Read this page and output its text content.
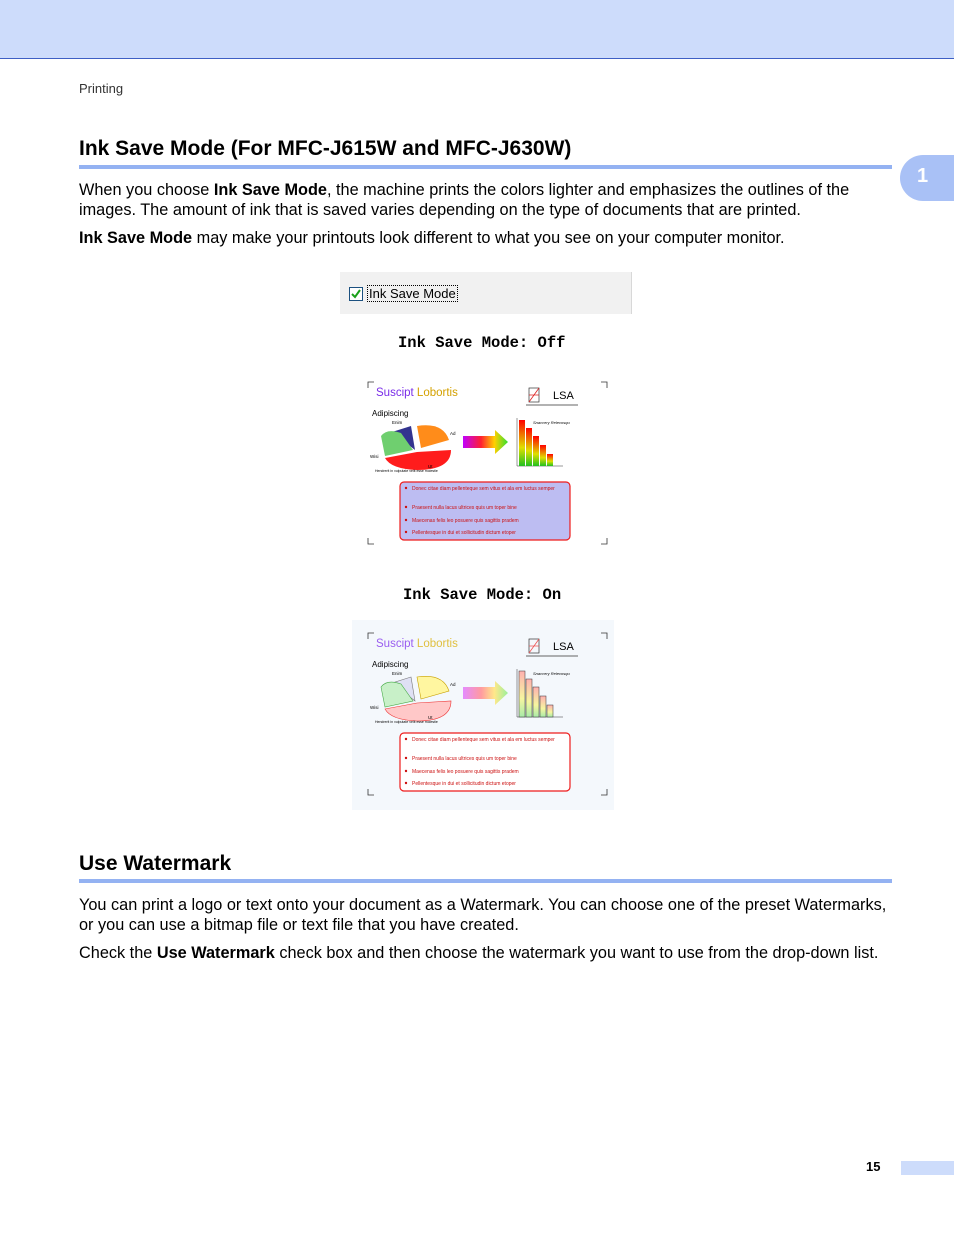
Printing
1
Ink Save Mode (For MFC-J615W and MFC-J630W)

When you choose Ink Save Mode, the machine prints the colors lighter and emphasizes the outlines of the images. The amount of ink that is saved varies depending on the type of documents that are printed.

Ink Save Mode may make your printouts look different to what you see on your computer monitor.

Ink Save Mode
Ink Save Mode: Off
Suscipt Lobortis	LSA
Adipiscing
Enim
Ad
Wisi
Ut
Hendrerit in vulputate velit esse molestie
Snaccery Relevosqu
Donec citae diam pellenteque sem vitus et ala em luctus semper
Praesent nulla lacus ultrices quis um toper bine
Maecenas felis leo posuere quis sagittis pradem
Pellentesque in dui et sollicitudin dictum etoper
Ink Save Mode: On
Suscipt Lobortis	LSA
Adipiscing
Enim
Ad
Wisi
Ut
Hendrerit in vulputate velit esse molestie
Snaccery Relevosqu
Donec citae diam pellenteque sem vitus et ala em luctus semper
Praesent nulla lacus ultrices quis um toper bine
Maecenas felis leo posuere quis sagittis pradem
Pellentesque in dui et sollicitudin dictum etoper
Use Watermark

You can print a logo or text onto your document as a Watermark. You can choose one of the preset Watermarks, or you can use a bitmap file or text file that you have created.

Check the Use Watermark check box and then choose the watermark you want to use from the drop-down list.

15
